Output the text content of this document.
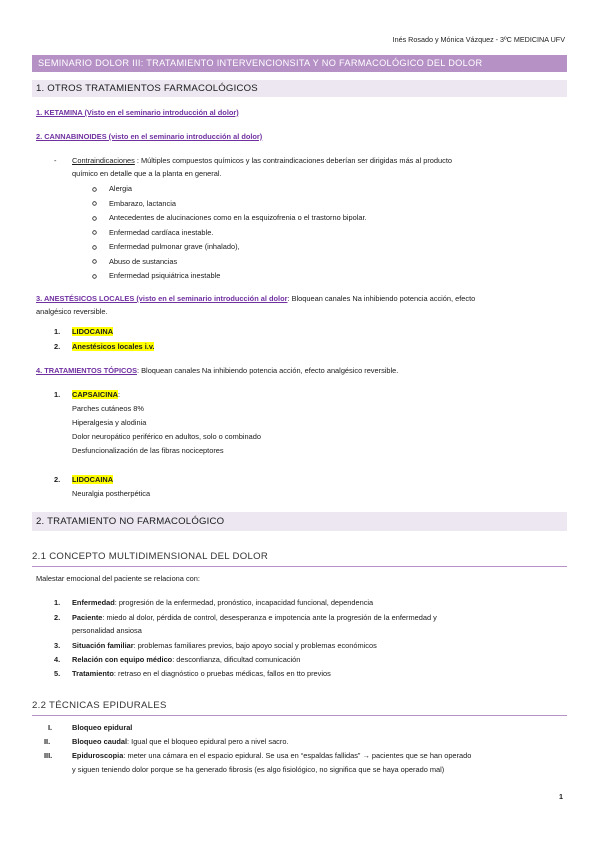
Inés Rosado y Mónica Vázquez - 3ºC MEDICINA UFV
SEMINARIO DOLOR III: TRATAMIENTO INTERVENCIONSITA Y NO FARMACOLÓGICO DEL DOLOR
1. OTROS TRATAMIENTOS FARMACOLÓGICOS
1. KETAMINA (Visto en el seminario introducción al dolor)
2. CANNABINOIDES (visto en el seminario introducción al dolor)
- Contraindicaciones : Múltiples compuestos químicos y las contraindicaciones deberían ser dirigidas más al producto
químico en detalle que a la planta en general.
Alergia
Embarazo, lactancia
Antecedentes de alucinaciones como en la esquizofrenia o el trastorno bipolar.
Enfermedad cardíaca inestable.
Enfermedad pulmonar grave (inhalado),
Abuso de sustancias
Enfermedad psiquiátrica inestable
3. ANESTÉSICOS LOCALES (visto en el seminario introducción al dolor: Bloquean canales Na inhibiendo potencia acción, efecto
analgésico reversible.
1. LIDOCAINA
2. Anestésicos locales i.v.
4. TRATAMIENTOS TÓPICOS: Bloquean canales Na inhibiendo potencia acción, efecto analgésico reversible.
1. CAPSAICINA:
Parches cutáneos 8%
Hiperalgesia y alodinia
Dolor neuropático periférico en adultos, solo o combinado
Desfuncionalización de las fibras nociceptores
2. LIDOCAINA
Neuralgia postherpética
2. TRATAMIENTO NO FARMACOLÓGICO
2.1 CONCEPTO MULTIDIMENSIONAL DEL DOLOR
Malestar emocional del paciente se relaciona con:
1. Enfermedad: progresión de la enfermedad, pronóstico, incapacidad funcional, dependencia
2. Paciente: miedo al dolor, pérdida de control, desesperanza e impotencia ante la progresión de la enfermedad y
personalidad ansiosa
3. Situación familiar: problemas familiares previos, bajo apoyo social y problemas económicos
4. Relación con equipo médico: desconfianza, dificultad comunicación
5. Tratamiento: retraso en el diagnóstico o pruebas médicas, fallos en tto previos
2.2 TÉCNICAS EPIDURALES
I.	Bloqueo epidural
II.	Bloqueo caudal: Igual que el bloqueo epidural pero a nivel sacro.
III.	Epiduroscopia: meter una cámara en el espacio epidural. Se usa en “espaldas fallidas” → pacientes que se han operado
y siguen teniendo dolor porque se ha generado fibrosis (es algo fisiológico, no significa que se haya operado mal)
1
